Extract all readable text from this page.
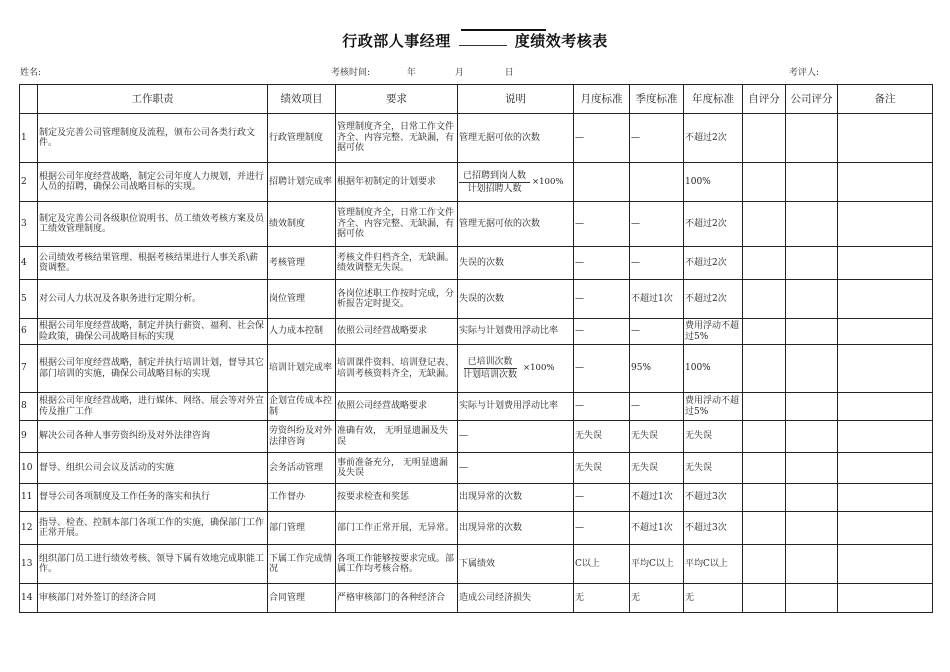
行政部人事经理	度绩效考核表
姓名:	考核时间:	年	月	日	考评人:
	工作职责	绩效项目	要求	说明	月度标准	季度标准	年度标准	自评分	公司评分	备注
1	制定及完善公司管理制度及流程，颁布公司各类行政文件。	行政管理制度	管理制度齐全，日常工作文件齐全、内容完整、无缺漏，有据可依	管理无据可依的次数	—	—	不超过2次			
2	根据公司年度经营战略，制定公司年度人力规划，并进行人员的招聘，确保公司战略目标的实现。	招聘计划完成率	根据年初制定的计划要求	已招聘到岗人数
计划招聘人数
×100%			100%			
3	制定及完善公司各级职位说明书、员工绩效考核方案及员工绩效管理制度。	绩效制度	管理制度齐全，日常工作文件齐全、内容完整、无缺漏，有据可依	管理无据可依的次数	—	—	不超过2次			
4	公司绩效考核结果管理、根据考核结果进行人事关系\薪资调整。	考核管理	考核文件归档齐全，无缺漏。绩效调整无失误。	失误的次数	—	—	不超过2次			
5	对公司人力状况及各职务进行定期分析。	岗位管理	各岗位述职工作按时完成，分析报告定时提交。	失误的次数	—	不超过1次	不超过2次			
6	根据公司年度经营战略，制定并执行薪资、福利、社会保险政策，确保公司战略目标的实现	人力成本控制	依照公司经营战略要求	实际与计划费用浮动比率	—	—	费用浮动不超过5%			
7	根据公司年度经营战略，制定并执行培训计划，督导其它部门培训的实施，确保公司战略目标的实现	培训计划完成率	培训课件资料、培训登记表、培训考核资料齐全，无缺漏。	已培训次数
计划培训次数
×100%	—	95%	100%			
8	根据公司年度经营战略，进行媒体、网络、展会等对外宣传及推广工作	企划宣传成本控制	依照公司经营战略要求	实际与计划费用浮动比率	—	—	费用浮动不超过5%			
9	解决公司各种人事劳资纠纷及对外法律咨询	劳资纠纷及对外法律咨询	准确有效， 无明显遗漏及失误	—	无失误	无失误	无失误			
10	督导、组织公司会议及活动的实施	会务活动管理	事前准备充分， 无明显遗漏及失误	—	无失误	无失误	无失误			
11	督导公司各项制度及工作任务的落实和执行	工作督办	按要求检查和奖惩	出现异常的次数	—	不超过1次	不超过3次			
12	指导、检查、控制本部门各项工作的实施，确保部门工作正常开展。	部门管理	部门工作正常开展，无异常。	出现异常的次数	—	不超过1次	不超过3次			
13	组织部门员工进行绩效考核、领导下属有效地完成职能工作。	下属工作完成情况	各项工作能够按要求完成。部属工作均考核合格。	下属绩效	C以上	平均C以上	平均C以上			
14	审核部门对外签订的经济合同	合同管理	严格审核部门的各种经济合	造成公司经济损失	无	无	无			
